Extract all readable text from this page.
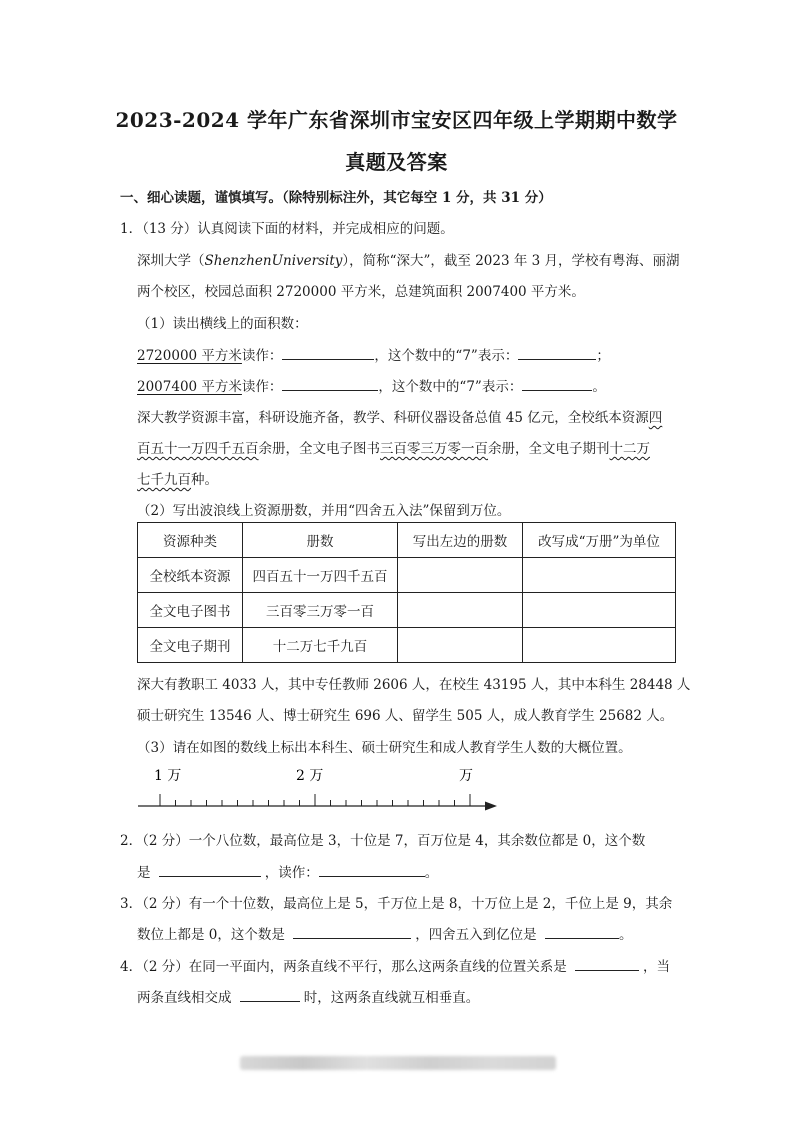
2023-2024 学年广东省深圳市宝安区四年级上学期期中数学
真题及答案
一、细心读题，谨慎填写。（除特别标注外，其它每空 1 分，共 31 分）
1．（13 分）认真阅读下面的材料，并完成相应的问题。
深圳大学（ShenzhenUniversity），简称“深大”，截至 2023 年 3 月，学校有粤海、丽湖
两个校区，校园总面积 2720000 平方米，总建筑面积 2007400 平方米。
（1）读出横线上的面积数：
2720000 平方米读作：	，这个数中的“7”表示：	；
2007400 平方米读作：	，这个数中的“7”表示：	。
深大教学资源丰富，科研设施齐备，教学、科研仪器设备总值 45 亿元，全校纸本资源四
百五十一万四千五百余册，全文电子图书三百零三万零一百余册，全文电子期刊十二万
七千九百种。
（2）写出波浪线上资源册数，并用“四舍五入法”保留到万位。
资源种类	册数	写出左边的册数	改写成“万册”为单位
全校纸本资源	四百五十一万四千五百		
全文电子图书	三百零三万零一百		
全文电子期刊	十二万七千九百		
深大有教职工 4033 人，其中专任教师 2606 人，在校生 43195 人，其中本科生 28448 人
硕士研究生 13546 人、博士研究生 696 人、留学生 505 人，成人教育学生 25682 人。
（3）请在如图的数线上标出本科生、硕士研究生和成人教育学生人数的大概位置。
1 万	2 万	万
2．（2 分）一个八位数，最高位是 3，十位是 7，百万位是 4，其余数位都是 0，这个数
是	，读作：	。
3．（2 分）有一个十位数，最高位上是 5，千万位上是 8，十万位上是 2，千位上是 9，其余
数位上都是 0，这个数是	，四舍五入到亿位是	。
4．（2 分）在同一平面内，两条直线不平行，那么这两条直线的位置关系是	，当
两条直线相交成	时，这两条直线就互相垂直。
